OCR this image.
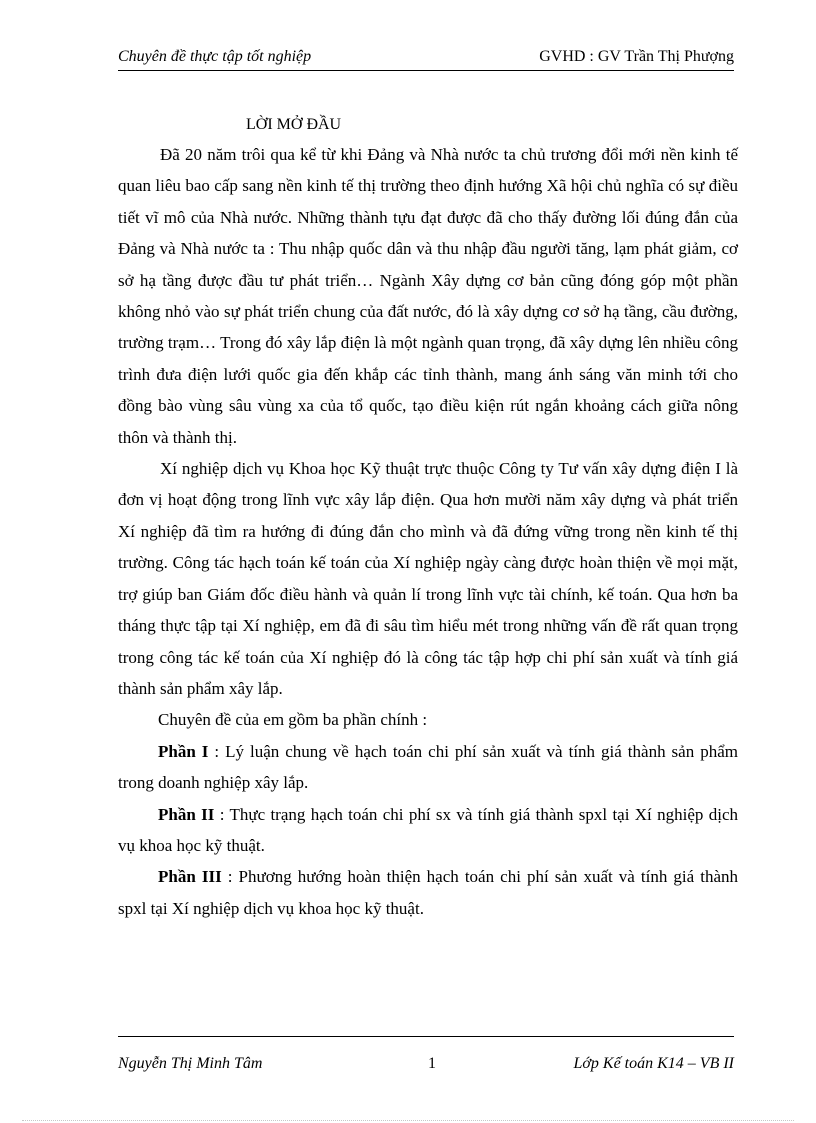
Chuyên đề thực tập tốt nghiệp	GVHD : GV Trần Thị Phượng
LỜI MỞ ĐẦU

Đã 20 năm trôi qua kể từ khi Đảng và Nhà nước ta chủ trương đổi mới nền kinh tế quan liêu bao cấp sang nền kinh tế thị trường theo định hướng Xã hội chủ nghĩa có sự điều tiết vĩ mô của Nhà nước. Những thành tựu đạt được đã cho thấy đường lối đúng đắn của Đảng và Nhà nước ta : Thu nhập quốc dân và thu nhập đầu người tăng, lạm phát giảm, cơ sở hạ tầng được đầu tư phát triển… Ngành Xây dựng cơ bản cũng đóng góp một phần không nhỏ vào sự phát triển chung của đất nước, đó là xây dựng cơ sở hạ tầng, cầu đường, trường trạm… Trong đó xây lắp điện là một ngành quan trọng, đã xây dựng lên nhiều công trình đưa điện lưới quốc gia đến khắp các tỉnh thành, mang ánh sáng văn minh tới cho đồng bào vùng sâu vùng xa của tổ quốc, tạo điều kiện rút ngắn khoảng cách giữa nông thôn và thành thị.

Xí nghiệp dịch vụ Khoa học Kỹ thuật trực thuộc Công ty Tư vấn xây dựng điện I là đơn vị hoạt động trong lĩnh vực xây lắp điện. Qua hơn mười năm xây dựng và phát triển Xí nghiệp đã tìm ra hướng đi đúng đắn cho mình và đã đứng vững trong nền kinh tế thị trường. Công tác hạch toán kế toán của Xí nghiệp ngày càng được hoàn thiện về mọi mặt, trợ giúp ban Giám đốc điều hành và quản lí trong lĩnh vực tài chính, kế toán. Qua hơn ba tháng thực tập tại Xí nghiệp, em đã đi sâu tìm hiểu mét trong những vấn đề rất quan trọng trong công tác kế toán của Xí nghiệp đó là công tác tập hợp chi phí sản xuất và tính giá thành sản phẩm xây lắp.

Chuyên đề của em gồm ba phần chính :

Phần I : Lý luận chung về hạch toán chi phí sản xuất và tính giá thành sản phẩm trong doanh nghiệp xây lắp.

Phần II : Thực trạng hạch toán chi phí sx và tính giá thành spxl tại Xí nghiệp dịch vụ khoa học kỹ thuật.

Phần III : Phương hướng hoàn thiện hạch toán chi phí sản xuất và tính giá thành spxl tại Xí nghiệp dịch vụ khoa học kỹ thuật.

Nguyễn Thị Minh Tâm	1	Lớp Kế toán K14 – VB II
